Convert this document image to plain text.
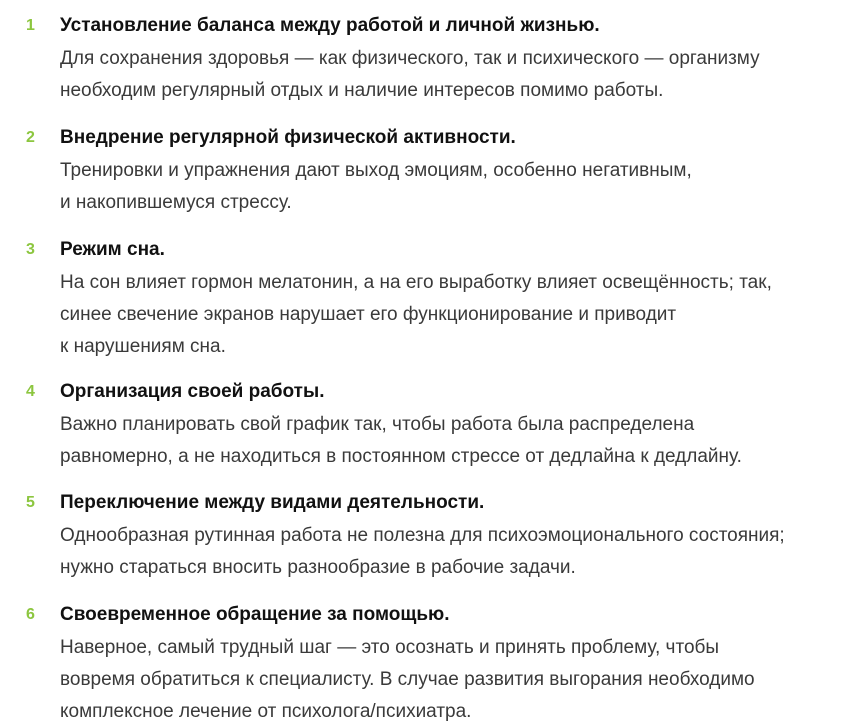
1 Установление баланса между работой и личной жизнью.

Для сохранения здоровья — как физического, так и психического — организму
необходим регулярный отдых и наличие интересов помимо работы.

2 Внедрение регулярной физической активности.

Тренировки и упражнения дают выход эмоциям, особенно негативным,
и накопившемуся стрессу.

3 Режим сна.

На сон влияет гормон мелатонин, а на его выработку влияет освещённость; так,
синее свечение экранов нарушает его функционирование и приводит
к нарушениям сна.

4 Организация своей работы.

Важно планировать свой график так, чтобы работа была распределена
равномерно, а не находиться в постоянном стрессе от дедлайна к дедлайну.

5 Переключение между видами деятельности.

Однообразная рутинная работа не полезна для психоэмоционального состояния;
нужно стараться вносить разнообразие в рабочие задачи.

6 Своевременное обращение за помощью.

Наверное, самый трудный шаг — это осознать и принять проблему, чтобы
вовремя обратиться к специалисту. В случае развития выгорания необходимо
комплексное лечение от психолога/психиатра.
